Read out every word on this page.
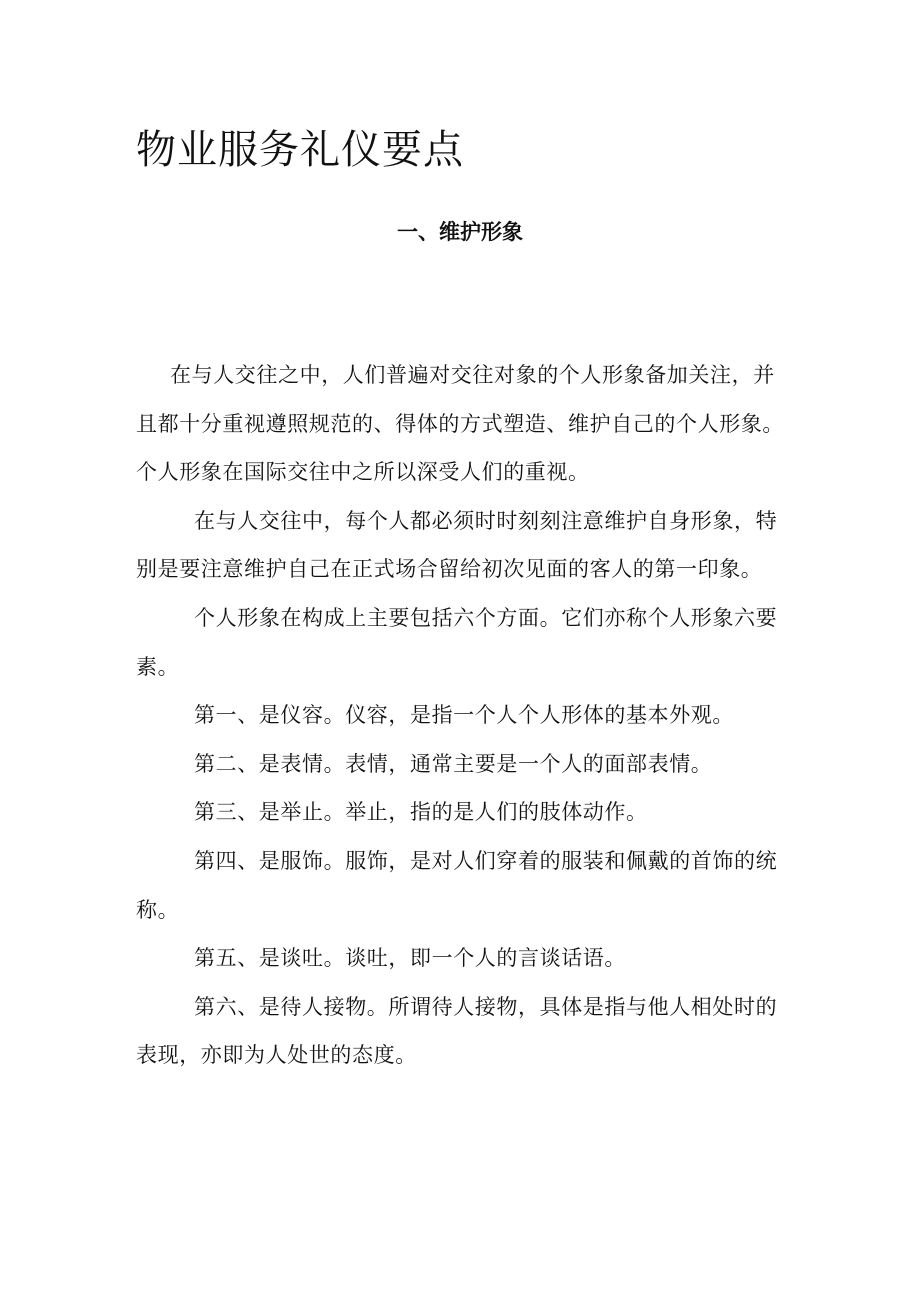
物业服务礼仪要点
一、维护形象

在与人交往之中，人们普遍对交往对象的个人形象备加关注，并且都十分重视遵照规范的、得体的方式塑造、维护自己的个人形象。个人形象在国际交往中之所以深受人们的重视。

在与人交往中，每个人都必须时时刻刻注意维护自身形象，特别是要注意维护自己在正式场合留给初次见面的客人的第一印象。

个人形象在构成上主要包括六个方面。它们亦称个人形象六要素。

第一、是仪容。仪容，是指一个人个人形体的基本外观。

第二、是表情。表情，通常主要是一个人的面部表情。

第三、是举止。举止，指的是人们的肢体动作。

第四、是服饰。服饰，是对人们穿着的服装和佩戴的首饰的统称。

第五、是谈吐。谈吐，即一个人的言谈话语。

第六、是待人接物。所谓待人接物，具体是指与他人相处时的表现，亦即为人处世的态度。
